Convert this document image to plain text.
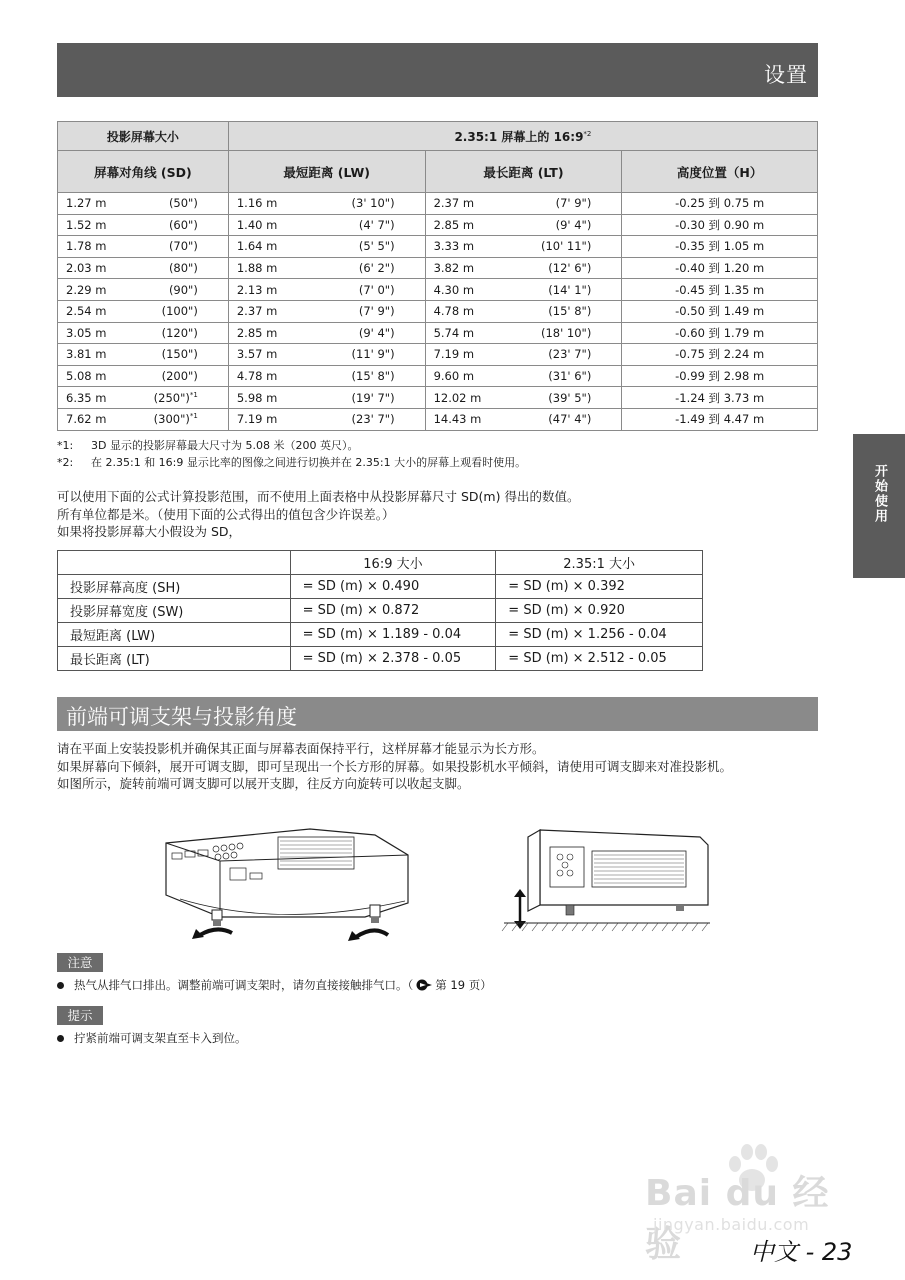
设置
开始使用
投影屏幕大小	2.35:1 屏幕上的 16:9$^{*2}$
屏幕对角线 (SD)	最短距离 (LW)	最长距离 (LT)	高度位置（H）

1.27 m (50")	1.16 m (3' 10")	2.37 m (7' 9")	-0.25 到 0.75 m

1.52 m (60")	1.40 m (4' 7")	2.85 m (9' 4")	-0.30 到 0.90 m

1.78 m (70")	1.64 m (5' 5")	3.33 m (10' 11")	-0.35 到 1.05 m

2.03 m (80")	1.88 m (6' 2")	3.82 m (12' 6")	-0.40 到 1.20 m

2.29 m (90")	2.13 m (7' 0")	4.30 m (14' 1")	-0.45 到 1.35 m

2.54 m (100")	2.37 m (7' 9")	4.78 m (15' 8")	-0.50 到 1.49 m

3.05 m (120")	2.85 m (9' 4")	5.74 m (18' 10")	-0.60 到 1.79 m

3.81 m (150")	3.57 m (11' 9")	7.19 m (23' 7")	-0.75 到 2.24 m

5.08 m (200")	4.78 m (15' 8")	9.60 m (31' 6")	-0.99 到 2.98 m

6.35 m (250")$^{*1}$	5.98 m (19' 7")	12.02 m (39' 5")	-1.24 到 3.73 m

7.62 m (300")$^{*1}$	7.19 m (23' 7")	14.43 m (47' 4")	-1.49 到 4.47 m
*1:	3D 显示的投影屏幕最大尺寸为 5.08 米（200 英尺）。
*2:	在 2.35:1 和 16:9 显示比率的图像之间进行切换并在 2.35:1 大小的屏幕上观看时使用。
可以使用下面的公式计算投影范围，而不使用上面表格中从投影屏幕尺寸 SD(m) 得出的数值。
所有单位都是米。（使用下面的公式得出的值包含少许误差。）
如果将投影屏幕大小假设为 SD，
	16:9 大小	2.35:1 大小
投影屏幕高度 (SH)	= SD (m) × 0.490	= SD (m) × 0.392
投影屏幕宽度 (SW)	= SD (m) × 0.872	= SD (m) × 0.920
最短距离 (LW)	= SD (m) × 1.189 - 0.04	= SD (m) × 1.256 - 0.04
最长距离 (LT)	= SD (m) × 2.378 - 0.05	= SD (m) × 2.512 - 0.05
前端可调支架与投影角度
请在平面上安装投影机并确保其正面与屏幕表面保持平行，这样屏幕才能显示为长方形。
如果屏幕向下倾斜，展开可调支脚，即可呈现出一个长方形的屏幕。如果投影机水平倾斜，请使用可调支脚来对准投影机。
如图所示，旋转前端可调支脚可以展开支脚，往反方向旋转可以收起支脚。
注意
热气从排气口排出。调整前端可调支架时，请勿直接接触排气口。（ 第 19 页）
提示
拧紧前端可调支架直至卡入到位。
Bai du 经验
jingyan.baidu.com
中文 - 23
